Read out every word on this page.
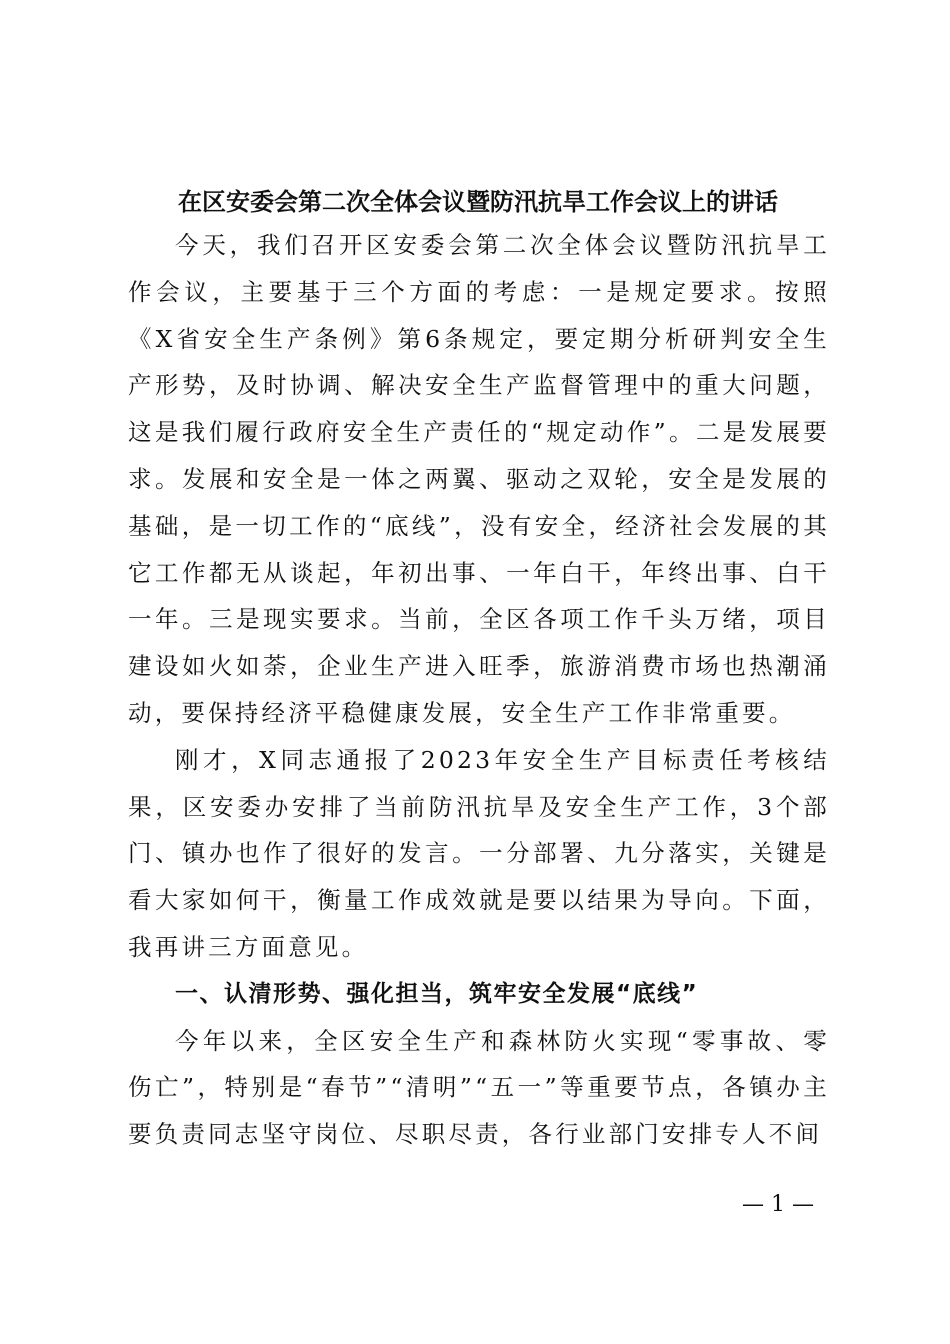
在区安委会第二次全体会议暨防汛抗旱工作会议上的讲话

今天，我们召开区安委会第二次全体会议暨防汛抗旱工作会议，主要基于三个方面的考虑：一是规定要求。按照《X省安全生产条例》第6条规定，要定期分析研判安全生产形势，及时协调、解决安全生产监督管理中的重大问题，这是我们履行政府安全生产责任的“规定动作”。二是发展要求。发展和安全是一体之两翼、驱动之双轮，安全是发展的基础，是一切工作的“底线”，没有安全，经济社会发展的其它工作都无从谈起，年初出事、一年白干，年终出事、白干一年。三是现实要求。当前，全区各项工作千头万绪，项目建设如火如荼，企业生产进入旺季，旅游消费市场也热潮涌动，要保持经济平稳健康发展，安全生产工作非常重要。

刚才，X同志通报了2023年安全生产目标责任考核结果，区安委办安排了当前防汛抗旱及安全生产工作，3个部门、镇办也作了很好的发言。一分部署、九分落实，关键是看大家如何干，衡量工作成效就是要以结果为导向。下面，我再讲三方面意见。

一、认清形势、强化担当，筑牢安全发展“底线”

今年以来，全区安全生产和森林防火实现“零事故、零伤亡”，特别是“春节”“清明”“五一”等重要节点，各镇办主要负责同志坚守岗位、尽职尽责，各行业部门安排专人不间

— 1 —
